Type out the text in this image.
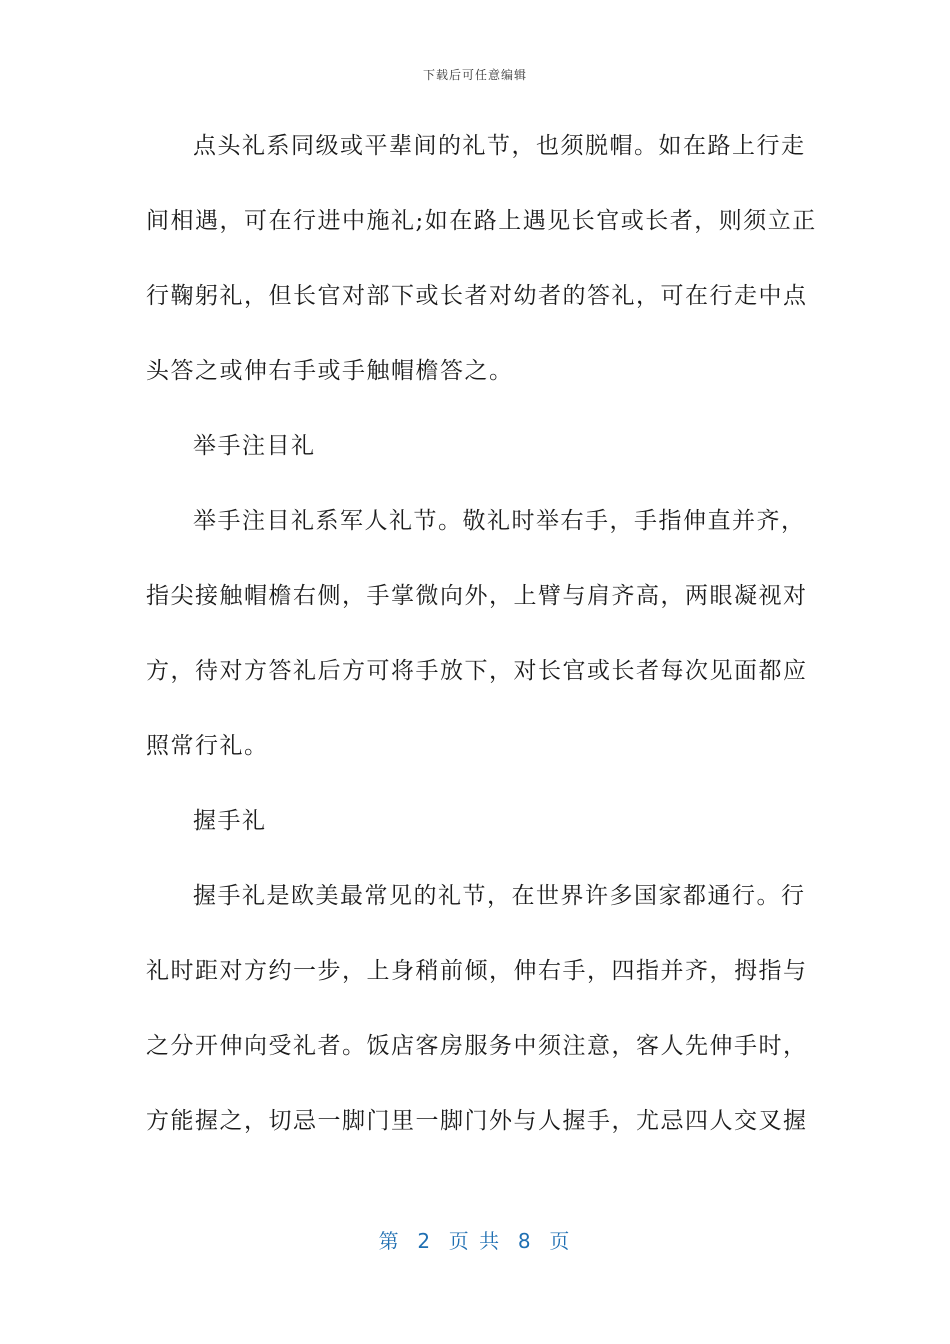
下载后可任意编辑
点头礼系同级或平辈间的礼节，也须脱帽。如在路上行走
间相遇，可在行进中施礼;如在路上遇见长官或长者，则须立正
行鞠躬礼，但长官对部下或长者对幼者的答礼，可在行走中点
头答之或伸右手或手触帽檐答之。
举手注目礼
举手注目礼系军人礼节。敬礼时举右手，手指伸直并齐，
指尖接触帽檐右侧，手掌微向外，上臂与肩齐高，两眼凝视对
方，待对方答礼后方可将手放下，对长官或长者每次见面都应
照常行礼。
握手礼
握手礼是欧美最常见的礼节，在世界许多国家都通行。行
礼时距对方约一步，上身稍前倾，伸右手，四指并齐，拇指与
之分开伸向受礼者。饭店客房服务中须注意，客人先伸手时，
方能握之，切忌一脚门里一脚门外与人握手，尤忌四人交叉握
第  2  页 共  8  页
